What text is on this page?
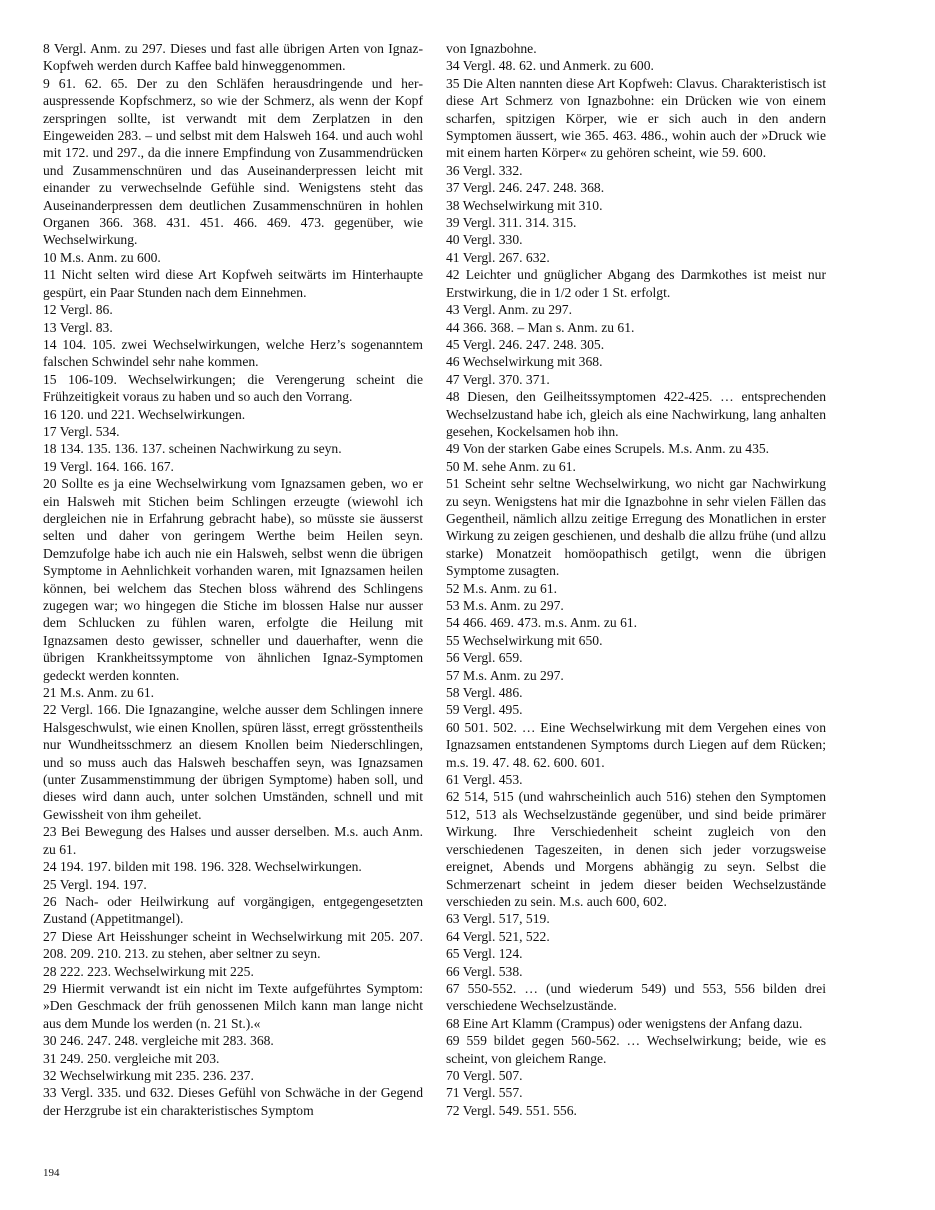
8 Vergl. Anm. zu 297. Dieses und fast alle übrigen Arten von Ignaz-Kopfweh werden durch Kaffee bald hinweggenommen.

9 61. 62. 65. Der zu den Schläfen herausdringende und herauspressende Kopfschmerz, so wie der Schmerz, als wenn der Kopf zerspringen sollte, ist verwandt mit dem Zerplatzen in den Eingeweiden 283. – und selbst mit dem Halsweh 164. und auch wohl mit 172. und 297., da die innere Empfindung von Zusammendrücken und Zusammenschnüren und das Auseinanderpressen leicht mit einander zu verwechselnde Gefühle sind. Wenigstens steht das Auseinanderpressen dem deutlichen Zusammenschnüren in hohlen Organen 366. 368. 431. 451. 466. 469. 473. gegenüber, wie Wechselwirkung.

10 M.s. Anm. zu 600.

11 Nicht selten wird diese Art Kopfweh seitwärts im Hinterhaupte gespürt, ein Paar Stunden nach dem Einnehmen.

12 Vergl. 86.

13 Vergl. 83.

14 104. 105. zwei Wechselwirkungen, welche Herz’s sogenanntem falschen Schwindel sehr nahe kommen.

15 106-109. Wechselwirkungen; die Verengerung scheint die Frühzeitigkeit voraus zu haben und so auch den Vorrang.

16 120. und 221. Wechselwirkungen.

17 Vergl. 534.

18 134. 135. 136. 137. scheinen Nachwirkung zu seyn.

19 Vergl. 164. 166. 167.

20 Sollte es ja eine Wechselwirkung vom Ignazsamen geben, wo er ein Halsweh mit Stichen beim Schlingen erzeugte (wiewohl ich dergleichen nie in Erfahrung gebracht habe), so müsste sie äusserst selten und daher von geringem Werthe beim Heilen seyn. Demzufolge habe ich auch nie ein Halsweh, selbst wenn die übrigen Symptome in Aehnlichkeit vorhanden waren, mit Ignazsamen heilen können, bei welchem das Stechen bloss während des Schlingens zugegen war; wo hingegen die Stiche im blossen Halse nur ausser dem Schlucken zu fühlen waren, erfolgte die Heilung mit Ignazsamen desto gewisser, schneller und dauerhafter, wenn die übrigen Krankheitssymptome von ähnlichen Ignaz-Symptomen gedeckt werden konnten.

21 M.s. Anm. zu 61.

22 Vergl. 166. Die Ignazangine, welche ausser dem Schlingen innere Halsgeschwulst, wie einen Knollen, spüren lässt, erregt grösstentheils nur Wundheitsschmerz an diesem Knollen beim Niederschlingen, und so muss auch das Halsweh beschaffen seyn, was Ignazsamen (unter Zusammenstimmung der übrigen Symptome) haben soll, und dieses wird dann auch, unter solchen Umständen, schnell und mit Gewissheit von ihm geheilet.

23 Bei Bewegung des Halses und ausser derselben. M.s. auch Anm. zu 61.

24 194. 197. bilden mit 198. 196. 328. Wechselwirkungen.

25 Vergl. 194. 197.

26 Nach- oder Heilwirkung auf vorgängigen, entgegengesetzten Zustand (Appetitmangel).

27 Diese Art Heisshunger scheint in Wechselwirkung mit 205. 207. 208. 209. 210. 213. zu stehen, aber seltner zu seyn.

28 222. 223. Wechselwirkung mit 225.

29 Hiermit verwandt ist ein nicht im Texte aufgeführtes Symptom: »Den Geschmack der früh genossenen Milch kann man lange nicht aus dem Munde los werden (n. 21 St.).«

30 246. 247. 248. vergleiche mit 283. 368.

31 249. 250. vergleiche mit 203.

32 Wechselwirkung mit 235. 236. 237.

33 Vergl. 335. und 632. Dieses Gefühl von Schwäche in der Gegend der Herzgrube ist ein charakteristisches Symptom

von Ignazbohne.

34 Vergl. 48. 62. und Anmerk. zu 600.

35 Die Alten nannten diese Art Kopfweh: Clavus. Charakteristisch ist diese Art Schmerz von Ignazbohne: ein Drücken wie von einem scharfen, spitzigen Körper, wie er sich auch in den andern Symptomen äussert, wie 365. 463. 486., wohin auch der »Druck wie mit einem harten Körper« zu gehören scheint, wie 59. 600.

36 Vergl. 332.

37 Vergl. 246. 247. 248. 368.

38 Wechselwirkung mit 310.

39 Vergl. 311. 314. 315.

40 Vergl. 330.

41 Vergl. 267. 632.

42 Leichter und gnüglicher Abgang des Darmkothes ist meist nur Erstwirkung, die in 1/2 oder 1 St. erfolgt.

43 Vergl. Anm. zu 297.

44 366. 368. – Man s. Anm. zu 61.

45 Vergl. 246. 247. 248. 305.

46 Wechselwirkung mit 368.

47 Vergl. 370. 371.

48 Diesen, den Geilheitssymptomen 422-425. … entsprechenden Wechselzustand habe ich, gleich als eine Nachwirkung, lang anhalten gesehen, Kockelsamen hob ihn.

49 Von der starken Gabe eines Scrupels. M.s. Anm. zu 435.

50 M. sehe Anm. zu 61.

51 Scheint sehr seltne Wechselwirkung, wo nicht gar Nachwirkung zu seyn. Wenigstens hat mir die Ignazbohne in sehr vielen Fällen das Gegentheil, nämlich allzu zeitige Erregung des Monatlichen in erster Wirkung zu zeigen geschienen, und deshalb die allzu frühe (und allzu starke) Monatzeit homöopathisch getilgt, wenn die übrigen Symptome zusagten.

52 M.s. Anm. zu 61.

53 M.s. Anm. zu 297.

54 466. 469. 473. m.s. Anm. zu 61.

55 Wechselwirkung mit 650.

56 Vergl. 659.

57 M.s. Anm. zu 297.

58 Vergl. 486.

59 Vergl. 495.

60 501. 502. … Eine Wechselwirkung mit dem Vergehen eines von Ignazsamen entstandenen Symptoms durch Liegen auf dem Rücken; m.s. 19. 47. 48. 62. 600. 601.

61 Vergl. 453.

62 514, 515 (und wahrscheinlich auch 516) stehen den Symptomen 512, 513 als Wechselzustände gegenüber, und sind beide primärer Wirkung. Ihre Verschiedenheit scheint zugleich von den verschiedenen Tageszeiten, in denen sich jeder vorzugsweise ereignet, Abends und Morgens abhängig zu seyn. Selbst die Schmerzenart scheint in jedem dieser beiden Wechselzustände verschieden zu sein. M.s. auch 600, 602.

63 Vergl. 517, 519.

64 Vergl. 521, 522.

65 Vergl. 124.

66 Vergl. 538.

67 550-552. … (und wiederum 549) und 553, 556 bilden drei verschiedene Wechselzustände.

68 Eine Art Klamm (Crampus) oder wenigstens der Anfang dazu.

69 559 bildet gegen 560-562. … Wechselwirkung; beide, wie es scheint, von gleichem Range.

70 Vergl. 507.

71 Vergl. 557.

72 Vergl. 549. 551. 556.

194
